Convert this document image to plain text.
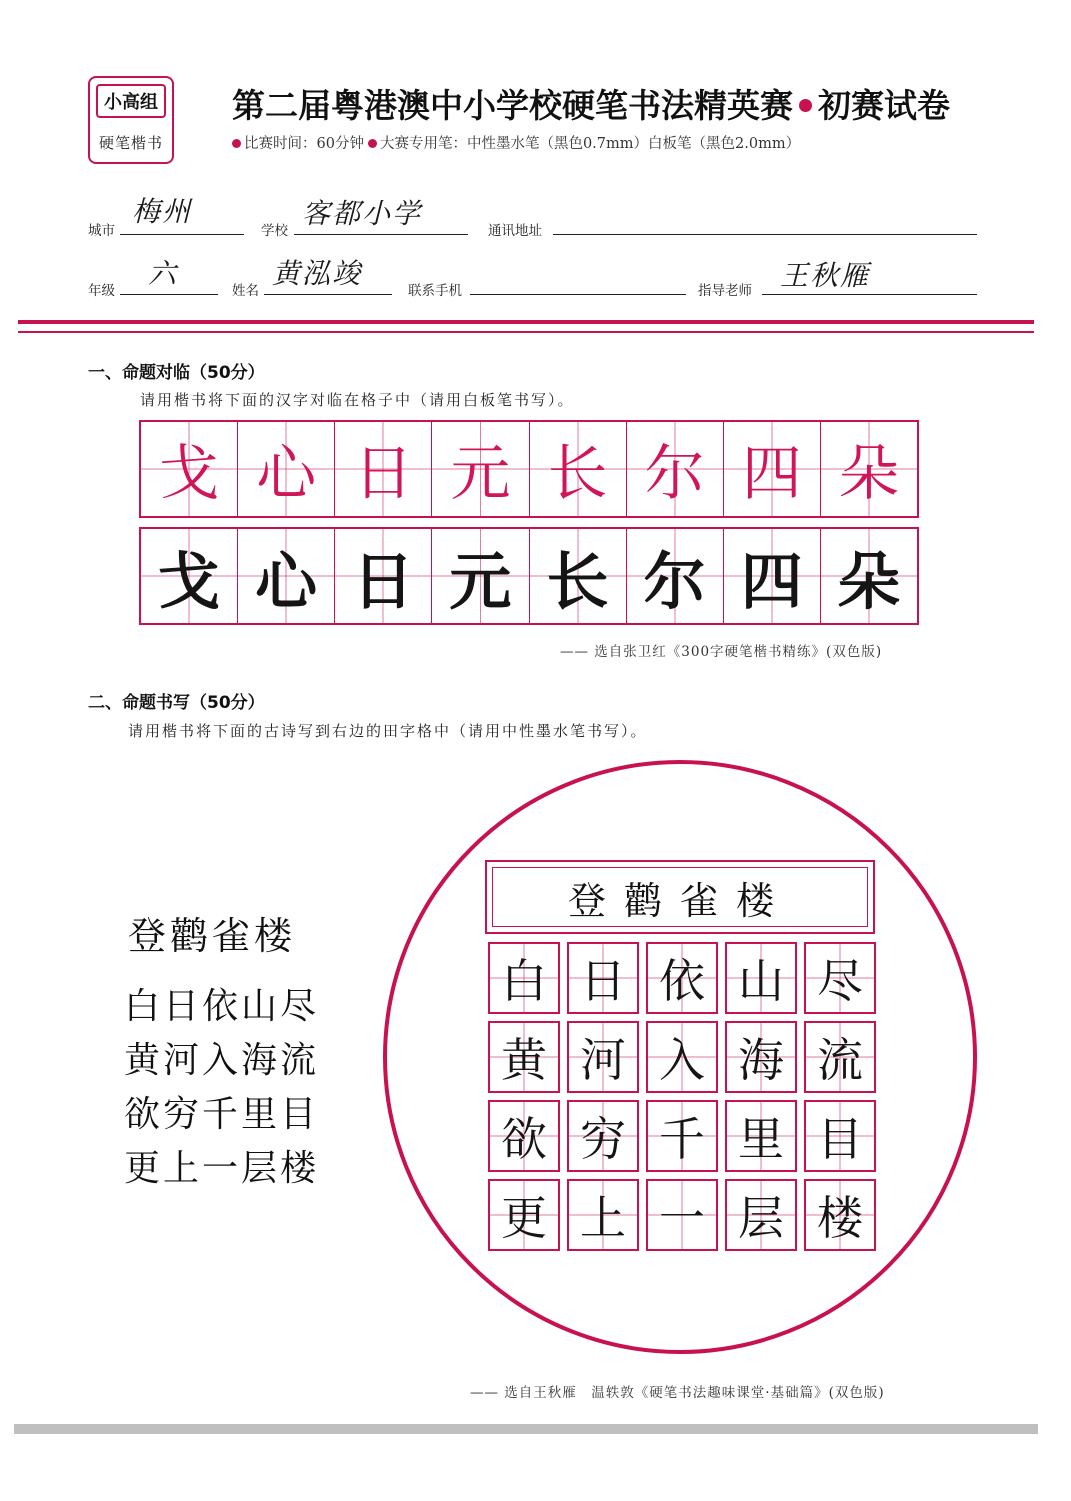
小高组
硬笔楷书
第二届粤港澳中小学校硬笔书法精英赛 初赛试卷
比赛时间：60分钟 大赛专用笔：中性墨水笔（黑色0.7mm）白板笔（黑色2.0mm）
城市
梅州
学校
客都小学
通讯地址
年级
六
姓名
黄泓竣
联系手机	指导老师 王秋雁
一、命题对临（50分）
请用楷书将下面的汉字对临在格子中（请用白板笔书写）。
戈 心 日 元 长 尔 四 朵
戈 心 日 元 长 尔 四 朵
—— 选自张卫红《300字硬笔楷书精练》(双色版)
二、命题书写（50分）
请用楷书将下面的古诗写到右边的田字格中（请用中性墨水笔书写）。
登鹳雀楼
白日依山尽
黄河入海流
欲穷千里目
更上一层楼
登鹳雀楼
白 日 依 山 尽
黄 河 入 海 流
欲 穷 千 里 目
更 上 一 层 楼
—— 选自王秋雁　温轶敦《硬笔书法趣味课堂·基础篇》(双色版)
